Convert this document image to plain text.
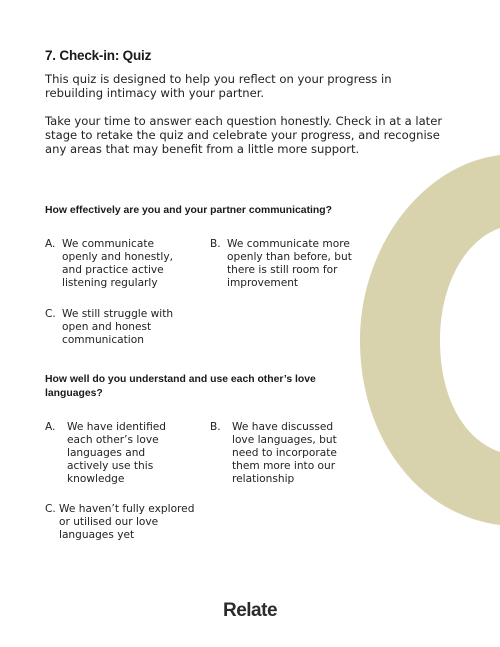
7. Check-in: Quiz

This quiz is designed to help you reflect on your progress in rebuilding intimacy with your partner.

Take your time to answer each question honestly. Check in at a later stage to retake the quiz and celebrate your progress, and recognise any areas that may benefit from a little more support.

How effectively are you and your partner communicating?

A. We communicate openly and honestly, and practice active listening regularly
B. We communicate more openly than before, but there is still room for improvement
C. We still struggle with open and honest communication

How well do you understand and use each other’s love languages?

A. We have identified each other’s love languages and actively use this knowledge
B. We have discussed love languages, but need to incorporate them more into our relationship
C. We haven’t fully explored or utilised our love languages yet
Relate
